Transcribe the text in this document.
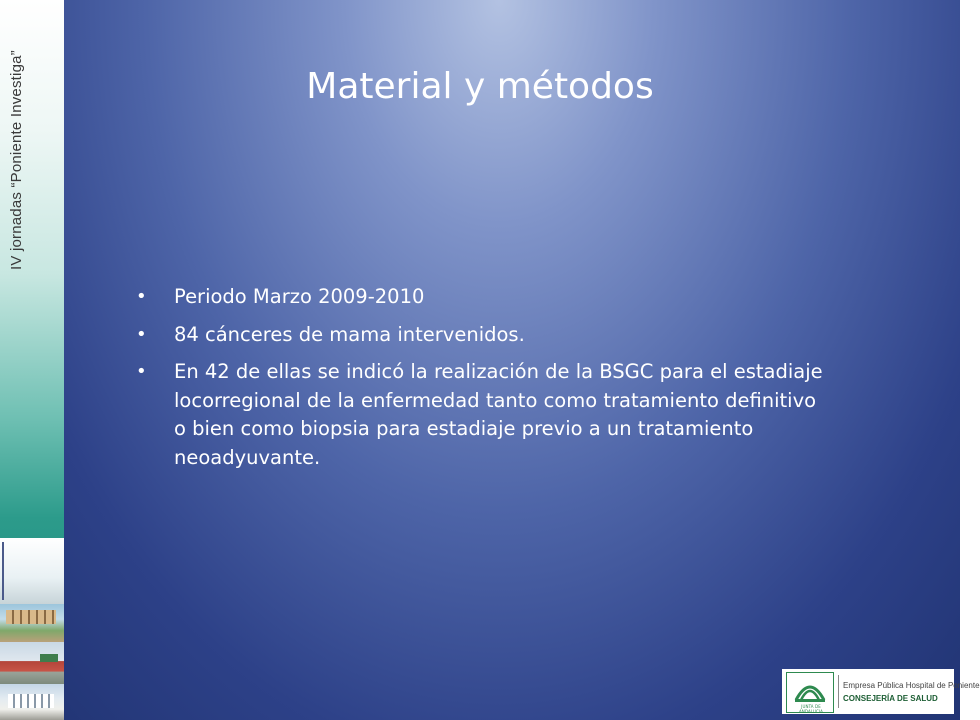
IV jornadas “Poniente Investiga”	Material y métodos
• Periodo Marzo 2009-2010
• 84 cánceres de mama intervenidos.
• En 42 de ellas se indicó la realización de la BSGC para el estadiaje locorregional de la enfermedad tanto como tratamiento definitivo o bien como biopsia para estadiaje previo a un tratamiento neoadyuvante.
JUNTA DE ANDALUCIA
Empresa Pública Hospital de Poniente
CONSEJERÍA DE SALUD
